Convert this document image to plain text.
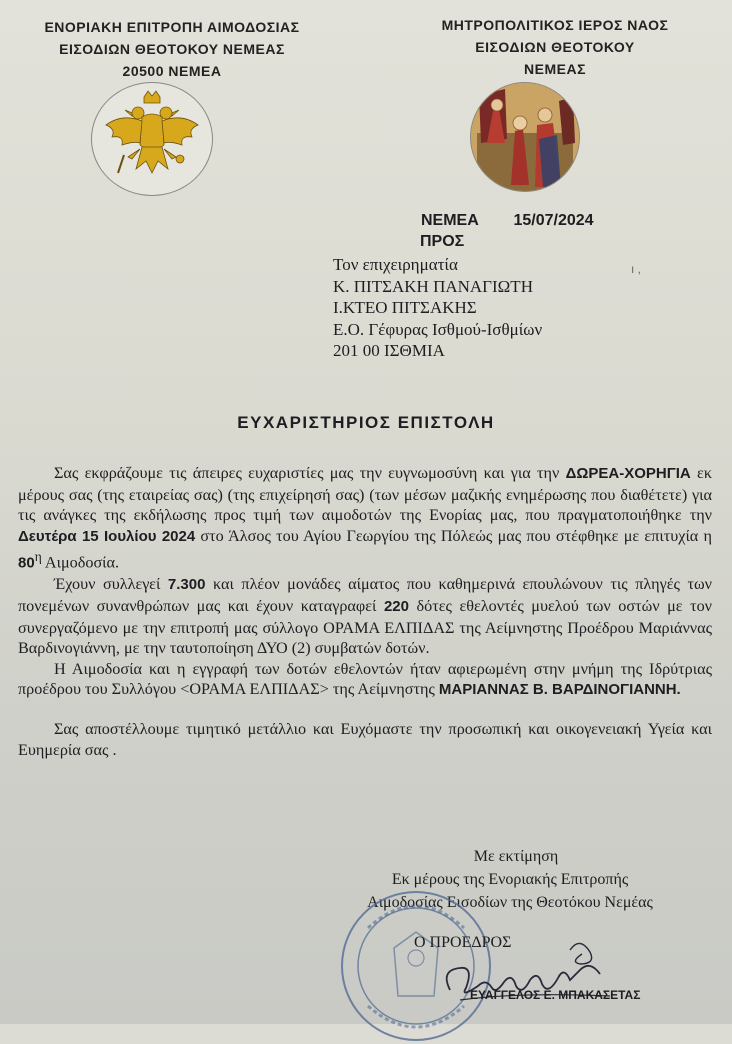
ΕΝΟΡΙΑΚΗ ΕΠΙΤΡΟΠΗ ΑΙΜΟΔΟΣΙΑΣ
ΕΙΣΟΔΙΩΝ ΘΕΟΤΟΚΟΥ ΝΕΜΕΑΣ
20500 ΝΕΜΕΑ
ΜΗΤΡΟΠΟΛΙΤΙΚΟΣ ΙΕΡΟΣ ΝΑΟΣ
ΕΙΣΟΔΙΩΝ ΘΕΟΤΟΚΟΥ
ΝΕΜΕΑΣ
ΝΕΜΕΑ 15/07/2024
ΠΡΟΣ
Τον επιχειρηματία
Κ. ΠΙΤΣΑΚΗ ΠΑΝΑΓΙΩΤΗ
Ι.ΚΤΕΟ ΠΙΤΣΑΚΗΣ
Ε.Ο. Γέφυρας Ισθμού-Ισθμίων
201 00 ΙΣΘΜΙΑ
ı ,
ΕΥΧΑΡΙΣΤΗΡΙΟΣ ΕΠΙΣΤΟΛΗ

Σας εκφράζουμε τις άπειρες ευχαριστίες μας την ευγνωμοσύνη και για την ΔΩΡΕΑ-ΧΟΡΗΓΙΑ εκ μέρους σας (της εταιρείας σας) (της επιχείρησή σας) (των μέσων μαζικής ενημέρωσης που διαθέτετε) για τις ανάγκες της εκδήλωσης προς τιμή των αιμοδοτών της Ενορίας μας, που πραγματοποιήθηκε την Δευτέρα 15 Ιουλίου 2024 στο Άλσος του Αγίου Γεωργίου της Πόλεώς μας που στέφθηκε με επιτυχία η $80^\eta$ Αιμοδοσία.

Έχουν συλλεγεί 7.300 και πλέον μονάδες αίματος που καθημερινά επουλώνουν τις πληγές των πονεμένων συνανθρώπων μας και έχουν καταγραφεί 220 δότες εθελοντές μυελού των οστών με τον συνεργαζόμενο με την επιτροπή μας σύλλογο ΟΡΑΜΑ ΕΛΠΙΔΑΣ της Αείμνηστης Προέδρου Μαριάννας Βαρδινογιάννη, με την ταυτοποίηση ΔΥΟ (2) συμβατών δοτών.

Η Αιμοδοσία και η εγγραφή των δοτών εθελοντών ήταν αφιερωμένη στην μνήμη της Ιδρύτριας προέδρου του Συλλόγου <ΟΡΑΜΑ ΕΛΠΙΔΑΣ> της Αείμνηστης ΜΑΡΙΑΝΝΑΣ Β. ΒΑΡΔΙΝΟΓΙΑΝΝΗ.

Σας αποστέλλουμε τιμητικό μετάλλιο και Ευχόμαστε την προσωπική και οικογενειακή Υγεία και Ευημερία σας .

Με εκτίμηση
Εκ μέρους της Ενοριακής Επιτροπής
Αιμοδοσίας Εισοδίων της Θεοτόκου Νεμέας
Ο ΠΡΟΕΔΡΟΣ
ΕΥΑΓΓΕΛΟΣ Ε. ΜΠΑΚΑΣΕΤΑΣ
